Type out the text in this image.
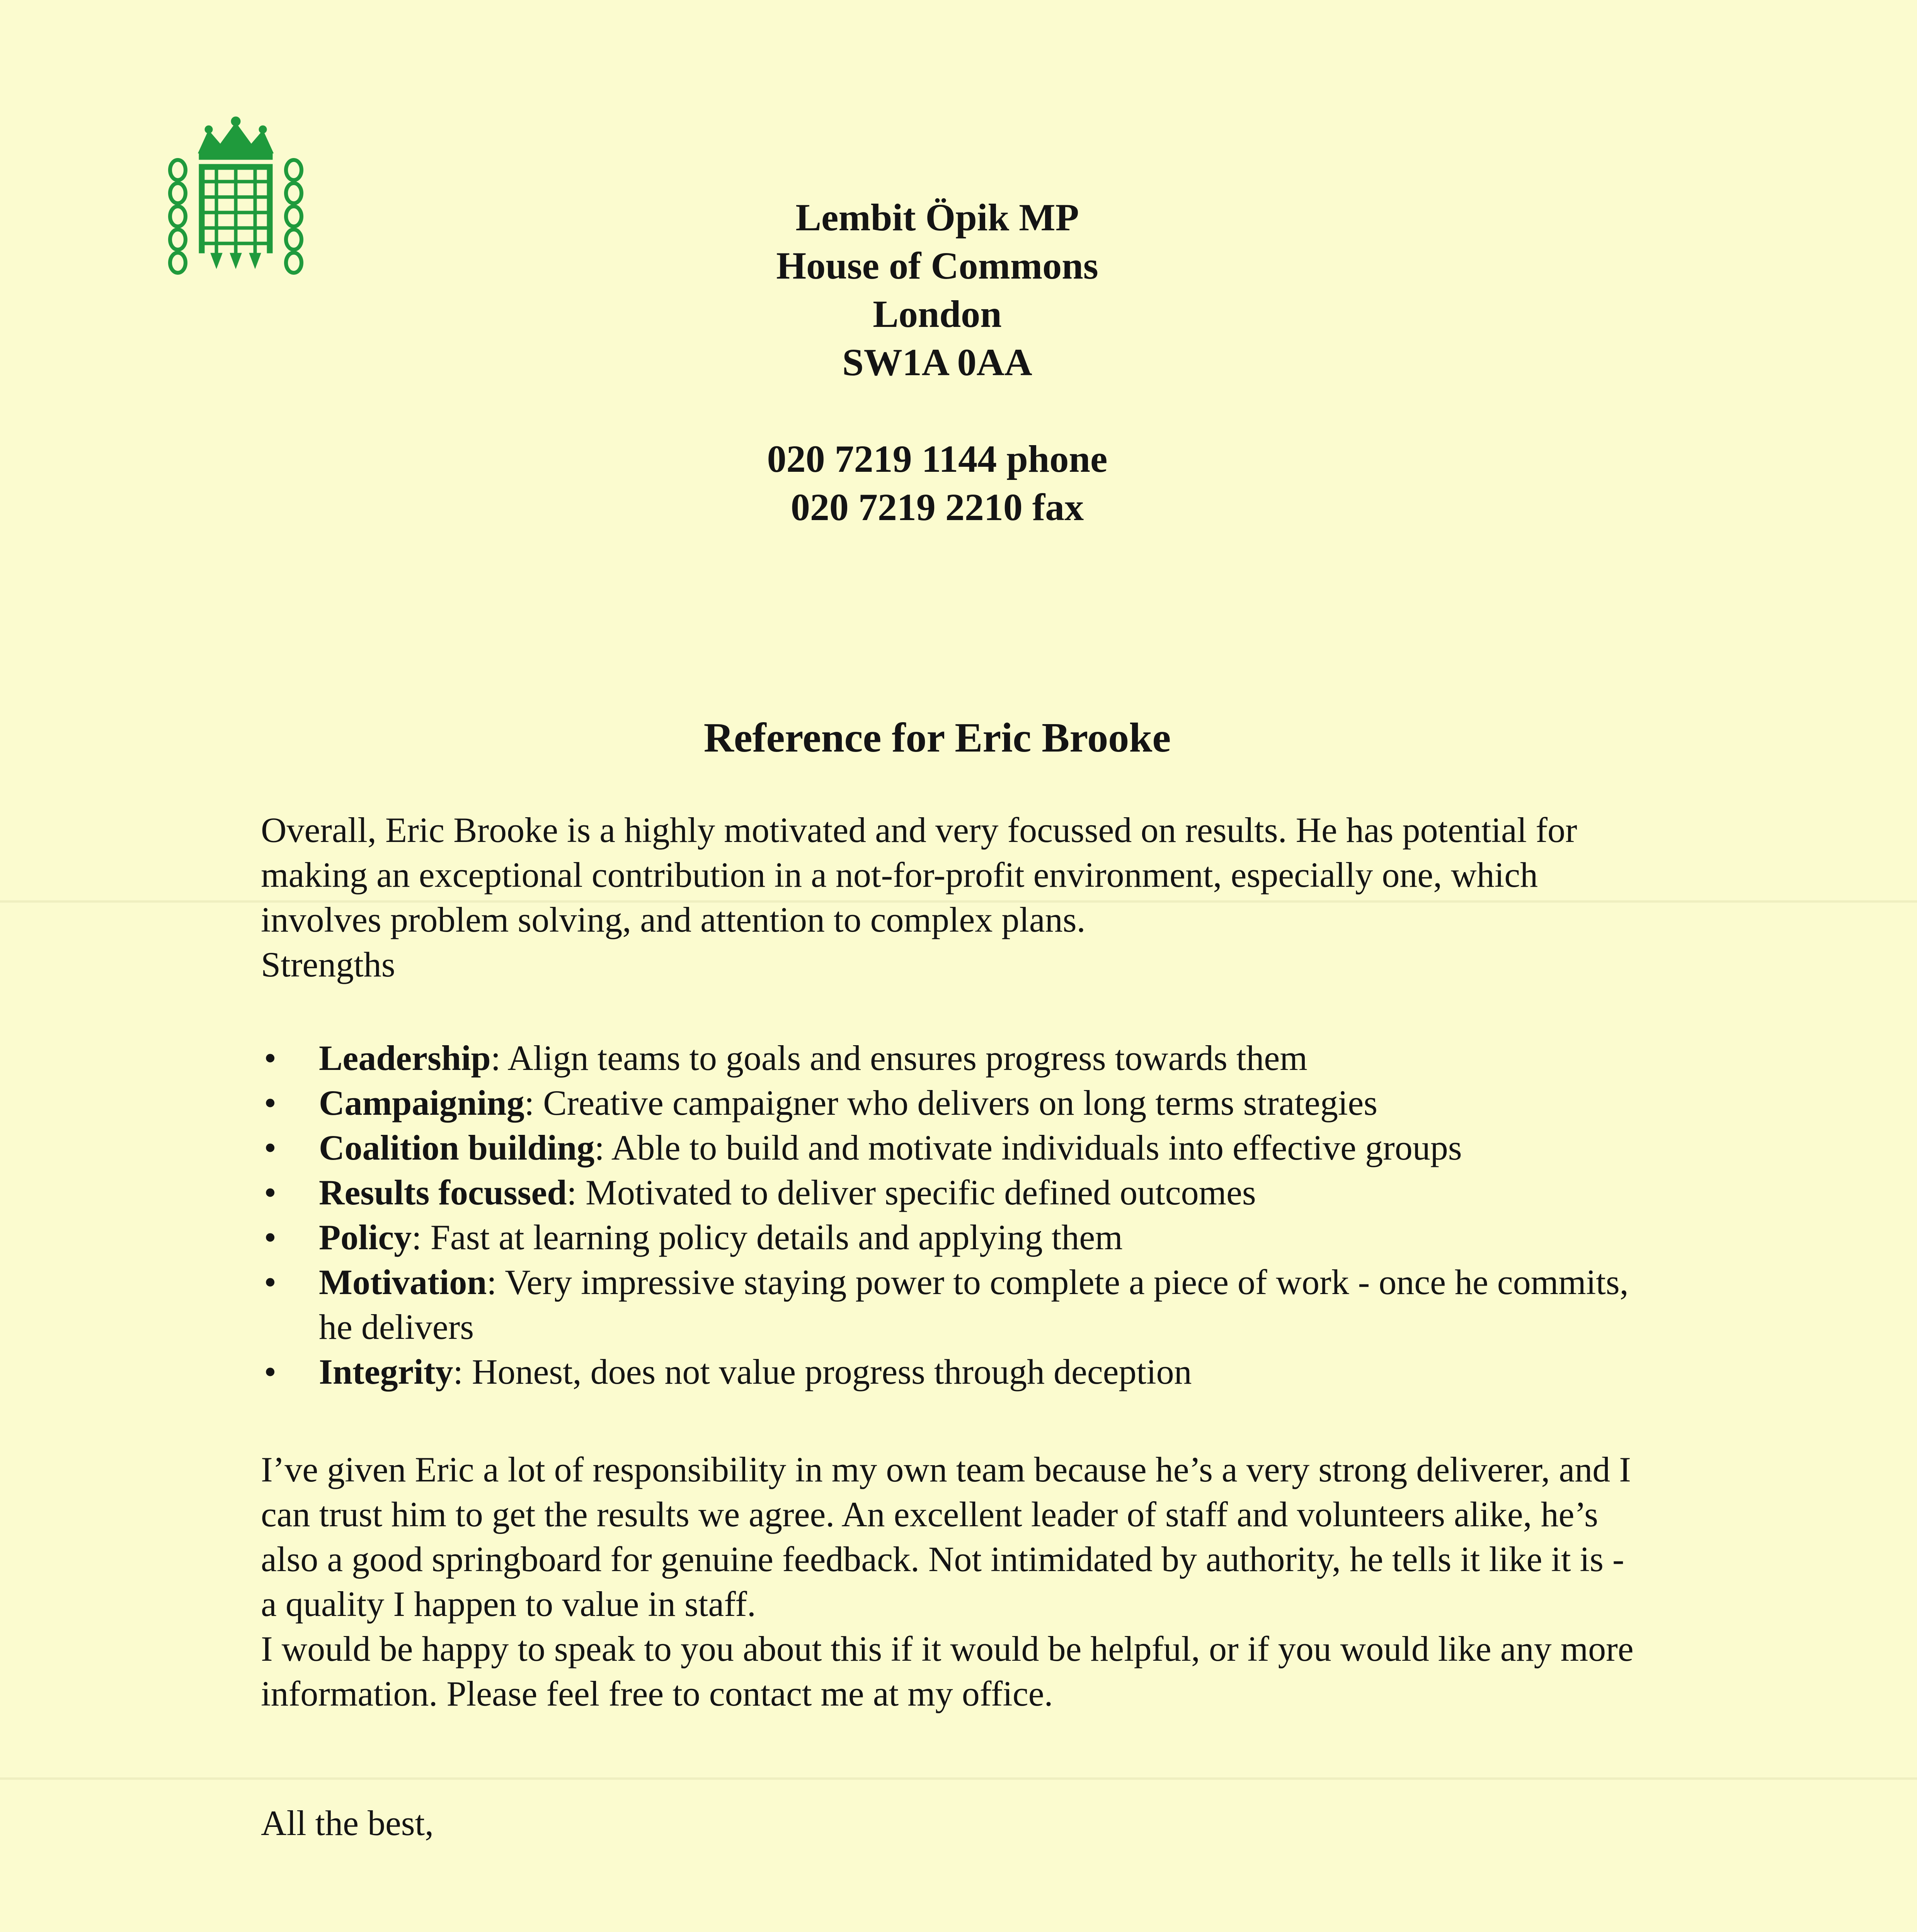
Lembit Öpik MP
House of Commons
London
SW1A 0AA
020 7219 1144 phone
020 7219 2210 fax
Reference for Eric Brooke
Overall, Eric Brooke is a highly motivated and very focussed on results. He has potential for making an exceptional contribution in a not-for-profit environment, especially one, which involves problem solving, and attention to complex plans.
Strengths
• Leadership: Align teams to goals and ensures progress towards them
• Campaigning: Creative campaigner who delivers on long terms strategies
• Coalition building: Able to build and motivate individuals into effective groups
• Results focussed: Motivated to deliver specific defined outcomes
• Policy: Fast at learning policy details and applying them
• Motivation: Very impressive staying power to complete a piece of work - once he commits, he delivers
• Integrity: Honest, does not value progress through deception
I’ve given Eric a lot of responsibility in my own team because he’s a very strong deliverer, and I can trust him to get the results we agree. An excellent leader of staff and volunteers alike, he’s also a good springboard for genuine feedback. Not intimidated by authority, he tells it like it is - a quality I happen to value in staff.
I would be happy to speak to you about this if it would be helpful, or if you would like any more information. Please feel free to contact me at my office.
All the best,
